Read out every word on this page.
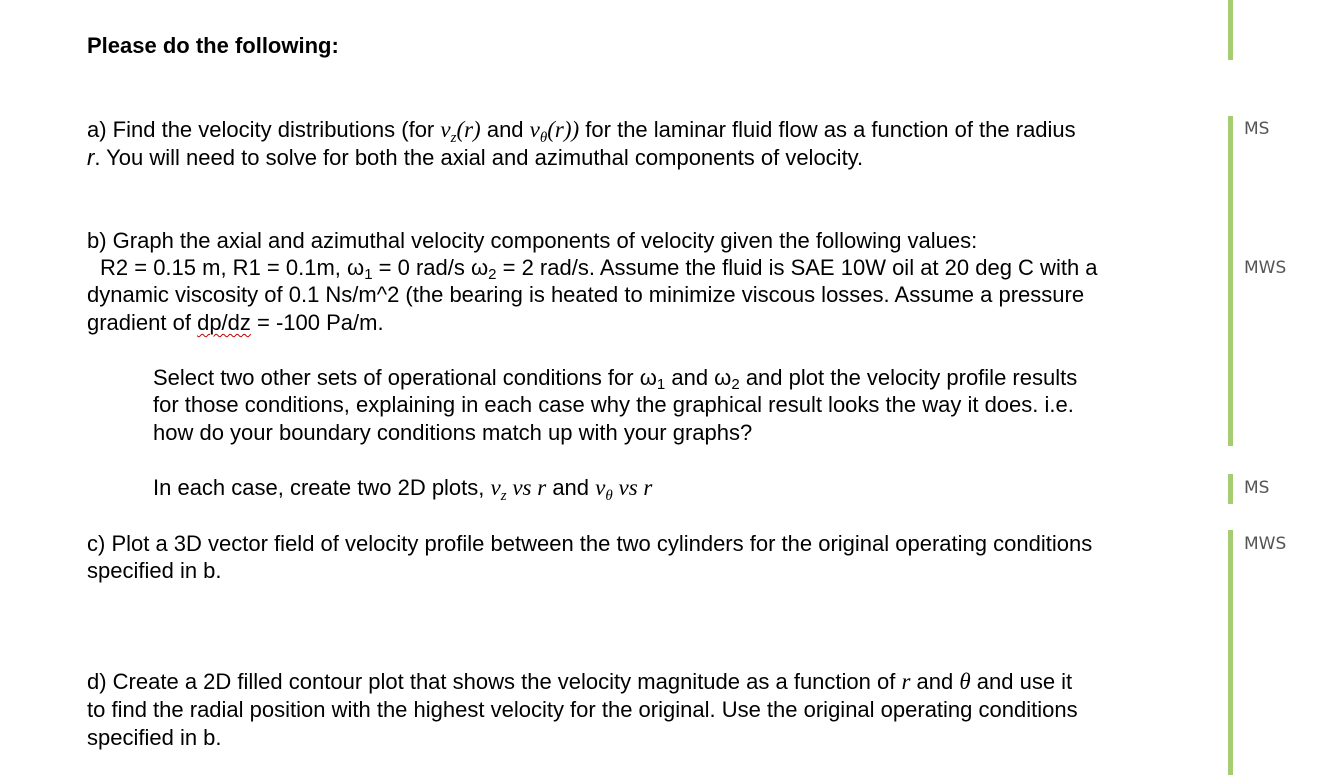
Please do the following:
a) Find the velocity distributions (for $v_z(r)$ and $v_\theta(r)$) for the laminar fluid flow as a function of the radius
r. You will need to solve for both the axial and azimuthal components of velocity.
b) Graph the axial and azimuthal velocity components of velocity given the following values:
R2 = 0.15 m, R1 = 0.1m, $\omega_1 = 0$ rad/s $\omega_2 = 2$ rad/s. Assume the fluid is SAE 10W oil at 20 deg C with a
dynamic viscosity of 0.1 Ns/m^2 (the bearing is heated to minimize viscous losses. Assume a pressure
gradient of dp/dz = -100 Pa/m.
Select two other sets of operational conditions for $\omega_1$ and $\omega_2$ and plot the velocity profile results
for those conditions, explaining in each case why the graphical result looks the way it does. i.e.
how do your boundary conditions match up with your graphs?
In each case, create two 2D plots, $v_z$ vs r and $v_\theta$ vs r
c) Plot a 3D vector field of velocity profile between the two cylinders for the original operating conditions
specified in b.
d) Create a 2D filled contour plot that shows the velocity magnitude as a function of r and θ and use it
to find the radial position with the highest velocity for the original. Use the original operating conditions
specified in b.
MS
MWS
MS
MWS
